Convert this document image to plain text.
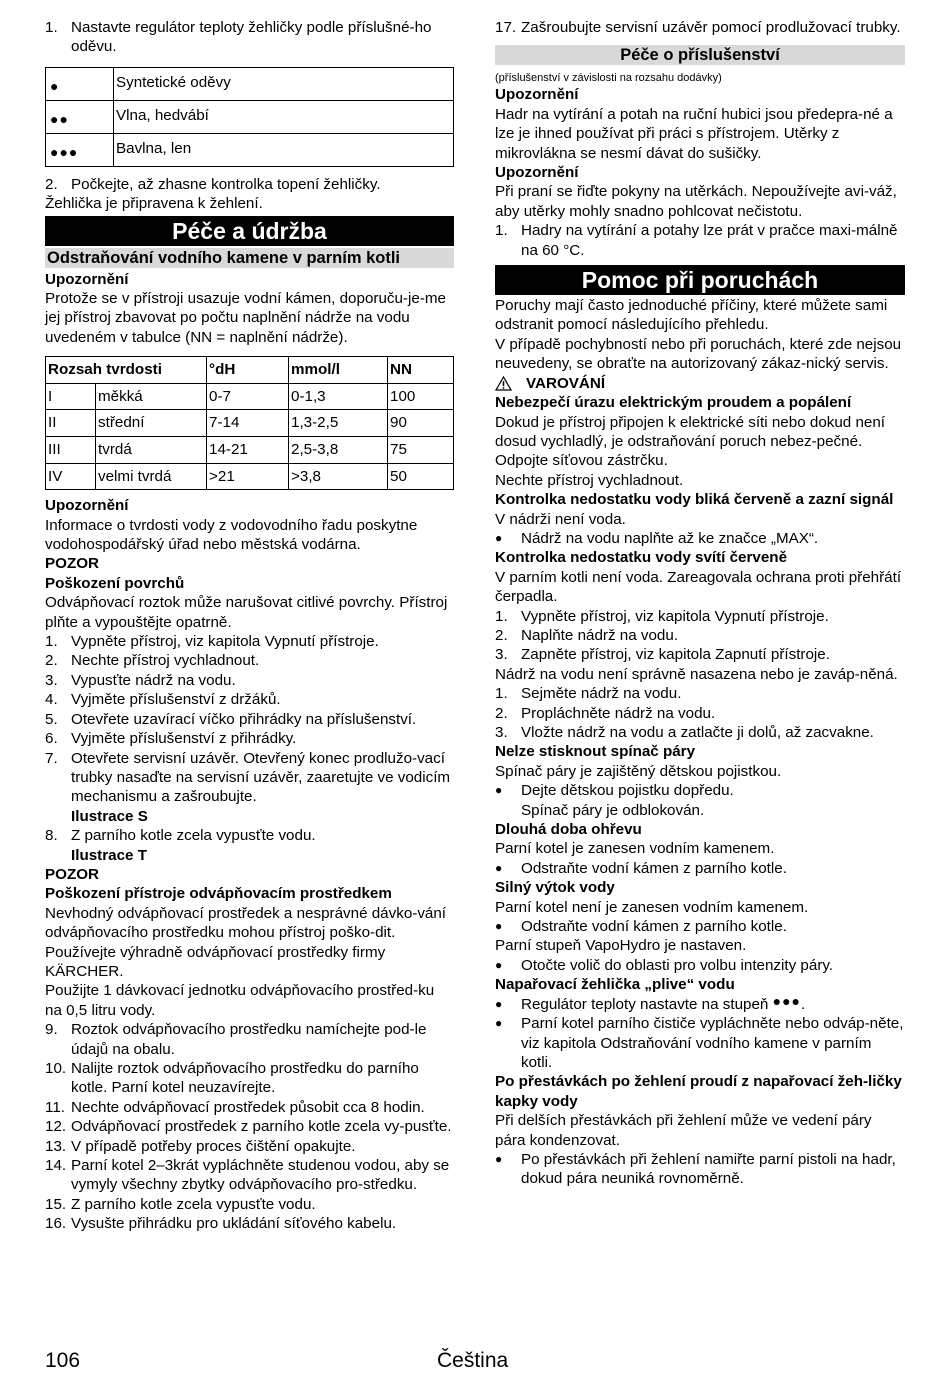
1. Nastavte regulátor teploty žehličky podle příslušné-ho oděvu.
●	Syntetické oděvy
●●	Vlna, hedvábí
●●●	Bavlna, len
2. Počkejte, až zhasne kontrolka topení žehličky.

Žehlička je připravena k žehlení.

Péče a údržba
Odstraňování vodního kamene v parním kotli

Upozornění

Protože se v přístroji usazuje vodní kámen, doporuču-je-me jej přístroj zbavovat po počtu naplnění nádrže na vodu uvedeném v tabulce (NN = naplnění nádrže).

Rozsah tvrdosti		°dH	mmol/l	NN
I	měkká	0-7	0-1,3	100
II	střední	7-14	1,3-2,5	90
III	tvrdá	14-21	2,5-3,8	75
IV	velmi tvrdá	>21	>3,8	50

Upozornění

Informace o tvrdosti vody z vodovodního řadu poskytne vodohospodářský úřad nebo městská vodárna.

POZOR

Poškození povrchů

Odvápňovací roztok může narušovat citlivé povrchy. Přístroj plňte a vypouštějte opatrně.

1. Vypněte přístroj, viz kapitola Vypnutí přístroje.
2. Nechte přístroj vychladnout.
3. Vypusťte nádrž na vodu.
4. Vyjměte příslušenství z držáků.
5. Otevřete uzavírací víčko přihrádky na příslušenství.
6. Vyjměte příslušenství z přihrádky.
7. Otevřete servisní uzávěr. Otevřený konec prodlužo-vací trubky nasaďte na servisní uzávěr, zaaretujte ve vodicím mechanismu a zašroubujte.

Ilustrace S

8. Z parního kotle zcela vypusťte vodu.

Ilustrace T

POZOR

Poškození přístroje odvápňovacím prostředkem

Nevhodný odvápňovací prostředek a nesprávné dávko-vání odvápňovacího prostředku mohou přístroj poško-dit.

Používejte výhradně odvápňovací prostředky firmy KÄRCHER.

Použijte 1 dávkovací jednotku odvápňovacího prostřed-ku na 0,5 litru vody.

9. Roztok odvápňovacího prostředku namíchejte pod-le údajů na obalu.
10. Nalijte roztok odvápňovacího prostředku do parního kotle. Parní kotel neuzavírejte.
11. Nechte odvápňovací prostředek působit cca 8 hodin.
12. Odvápňovací prostředek z parního kotle zcela vy-pusťte.
13. V případě potřeby proces čištění opakujte.
14. Parní kotel 2–3krát vypláchněte studenou vodou, aby se vymyly všechny zbytky odvápňovacího pro-středku.
15. Z parního kotle zcela vypusťte vodu.
16. Vysušte přihrádku pro ukládání síťového kabelu.
17. Zašroubujte servisní uzávěr pomocí prodlužovací trubky.
Péče o příslušenství

(příslušenství v závislosti na rozsahu dodávky)

Upozornění

Hadr na vytírání a potah na ruční hubici jsou předepra-né a lze je ihned používat při práci s přístrojem. Utěrky z mikrovlákna se nesmí dávat do sušičky.

Upozornění

Při praní se řiďte pokyny na utěrkách. Nepoužívejte avi-váž, aby utěrky mohly snadno pohlcovat nečistotu.

1. Hadry na vytírání a potahy lze prát v pračce maxi-málně na 60 °C.
Pomoc při poruchách

Poruchy mají často jednoduché příčiny, které můžete sami odstranit pomocí následujícího přehledu.

V případě pochybností nebo při poruchách, které zde nejsou neuvedeny, se obraťte na autorizovaný zákaz-nický servis.

VAROVÁNÍ

Nebezpečí úrazu elektrickým proudem a popálení

Dokud je přístroj připojen k elektrické síti nebo dokud není dosud vychladlý, je odstraňování poruch nebez-pečné.

Odpojte síťovou zástrčku.

Nechte přístroj vychladnout.

Kontrolka nedostatku vody bliká červeně a zazní signál

V nádrži není voda.

●	Nádrž na vodu naplňte až ke značce „MAX“.

Kontrolka nedostatku vody svítí červeně

V parním kotli není voda. Zareagovala ochrana proti přehřátí čerpadla.

1. Vypněte přístroj, viz kapitola Vypnutí přístroje.
2. Naplňte nádrž na vodu.
3. Zapněte přístroj, viz kapitola Zapnutí přístroje.

Nádrž na vodu není správně nasazena nebo je zaváp-něná.

1. Sejměte nádrž na vodu.
2. Propláchněte nádrž na vodu.
3. Vložte nádrž na vodu a zatlačte ji dolů, až zacvakne.

Nelze stisknout spínač páry

Spínač páry je zajištěný dětskou pojistkou.

●	Dejte dětskou pojistku dopředu.

Spínač páry je odblokován.

Dlouhá doba ohřevu

Parní kotel je zanesen vodním kamenem.

●	Odstraňte vodní kámen z parního kotle.

Silný výtok vody

Parní kotel není je zanesen vodním kamenem.

●	Odstraňte vodní kámen z parního kotle.

Parní stupeň VapoHydro je nastaven.

●	Otočte volič do oblasti pro volbu intenzity páry.

Napařovací žehlička „plive“ vodu

●	Regulátor teploty nastavte na stupeň ●●●.
●	Parní kotel parního čističe vypláchněte nebo odváp-něte, viz kapitola Odstraňování vodního kamene v parním kotli.

Po přestávkách po žehlení proudí z napařovací žeh-ličky kapky vody

Při delších přestávkách při žehlení může ve vedení páry pára kondenzovat.

●	Po přestávkách při žehlení namiřte parní pistoli na hadr, dokud pára neuniká rovnoměrně.
106	Čeština
